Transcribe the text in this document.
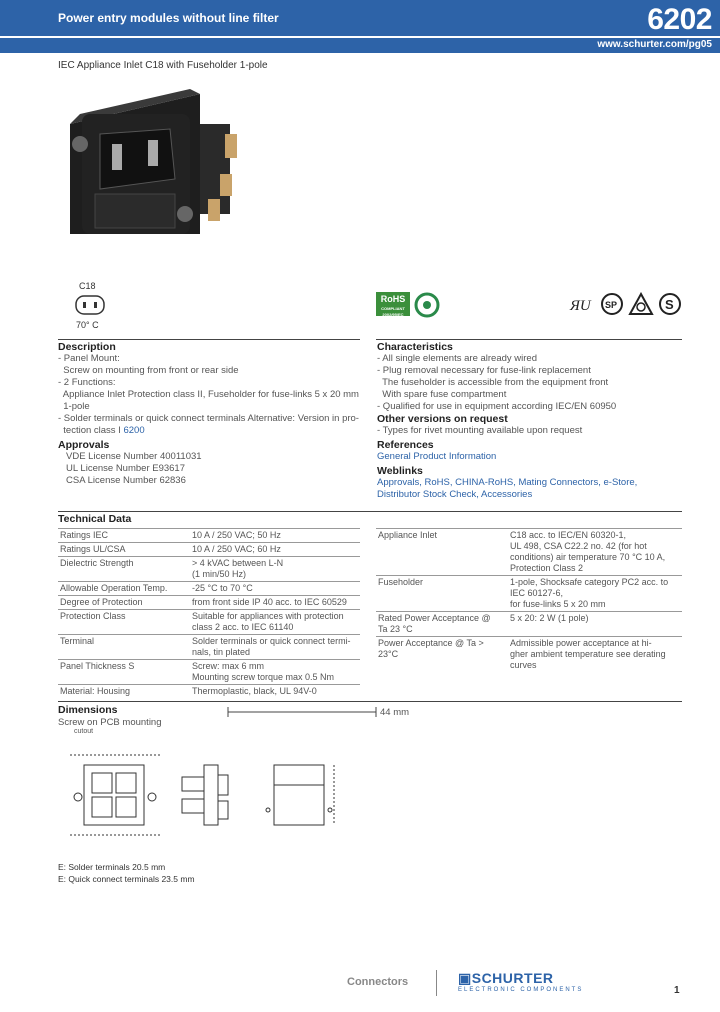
Power entry modules without line filter	6202
www.schurter.com/pg05
IEC Appliance Inlet C18 with Fuseholder 1-pole
C18
70° C
RoHS
COMPLIANT 2002/95/EC
ЯU SP	S
Description
- Panel Mount:
Screw on mounting from front or rear side
- 2 Functions:
Appliance Inlet Protection class II, Fuseholder for fuse-links 5 x 20 mm
1-pole
- Solder terminals or quick connect terminals Alternative: Version in pro-
tection class I 6200
Approvals
VDE License Number 40011031
UL License Number E93617
CSA License Number 62836
Characteristics
- All single elements are already wired
- Plug removal necessary for fuse-link replacement
The fuseholder is accessible from the equipment front
With spare fuse compartment
- Qualified for use in equipment according IEC/EN 60950
Other versions on request
- Types for rivet mounting available upon request
References
General Product Information
Weblinks
Approvals, RoHS, CHINA-RoHS, Mating Connectors, e-Store,
Distributor Stock Check, Accessories
Technical Data
Ratings IEC	10 A / 250 VAC; 50 Hz
Ratings UL/CSA	10 A / 250 VAC; 60 Hz
Dielectric Strength	> 4 kVAC between L-N
(1 min/50 Hz)
Allowable Operation Temp.	-25 °C to 70 °C
Degree of Protection	from front side IP 40 acc. to IEC 60529
Protection Class	Suitable for appliances with protection
class 2 acc. to IEC 61140
Terminal	Solder terminals or quick connect termi-
nals, tin plated
Panel Thickness S	Screw: max 6 mm
Mounting screw torque max 0.5 Nm
Material: Housing	Thermoplastic, black, UL 94V-0
Appliance Inlet	C18 acc. to IEC/EN 60320-1,
UL 498, CSA C22.2 no. 42 (for hot
conditions) air temperature 70 °C 10 A,
Protection Class 2
Fuseholder	1-pole, Shocksafe category PC2 acc. to
IEC 60127-6,
for fuse-links 5 x 20 mm
Rated Power Acceptance @
Ta 23 °C	5 x 20: 2 W (1 pole)
Power Acceptance @ Ta >
23°C	Admissible power acceptance at hi-
gher ambient temperature see derating
curves
Dimensions
Screw on PCB mounting
44 mm
cutout
E: Solder terminals 20.5 mm
E: Quick connect terminals 23.5 mm
Connectors	▣SCHURTER
ELECTRONIC COMPONENTS	1
